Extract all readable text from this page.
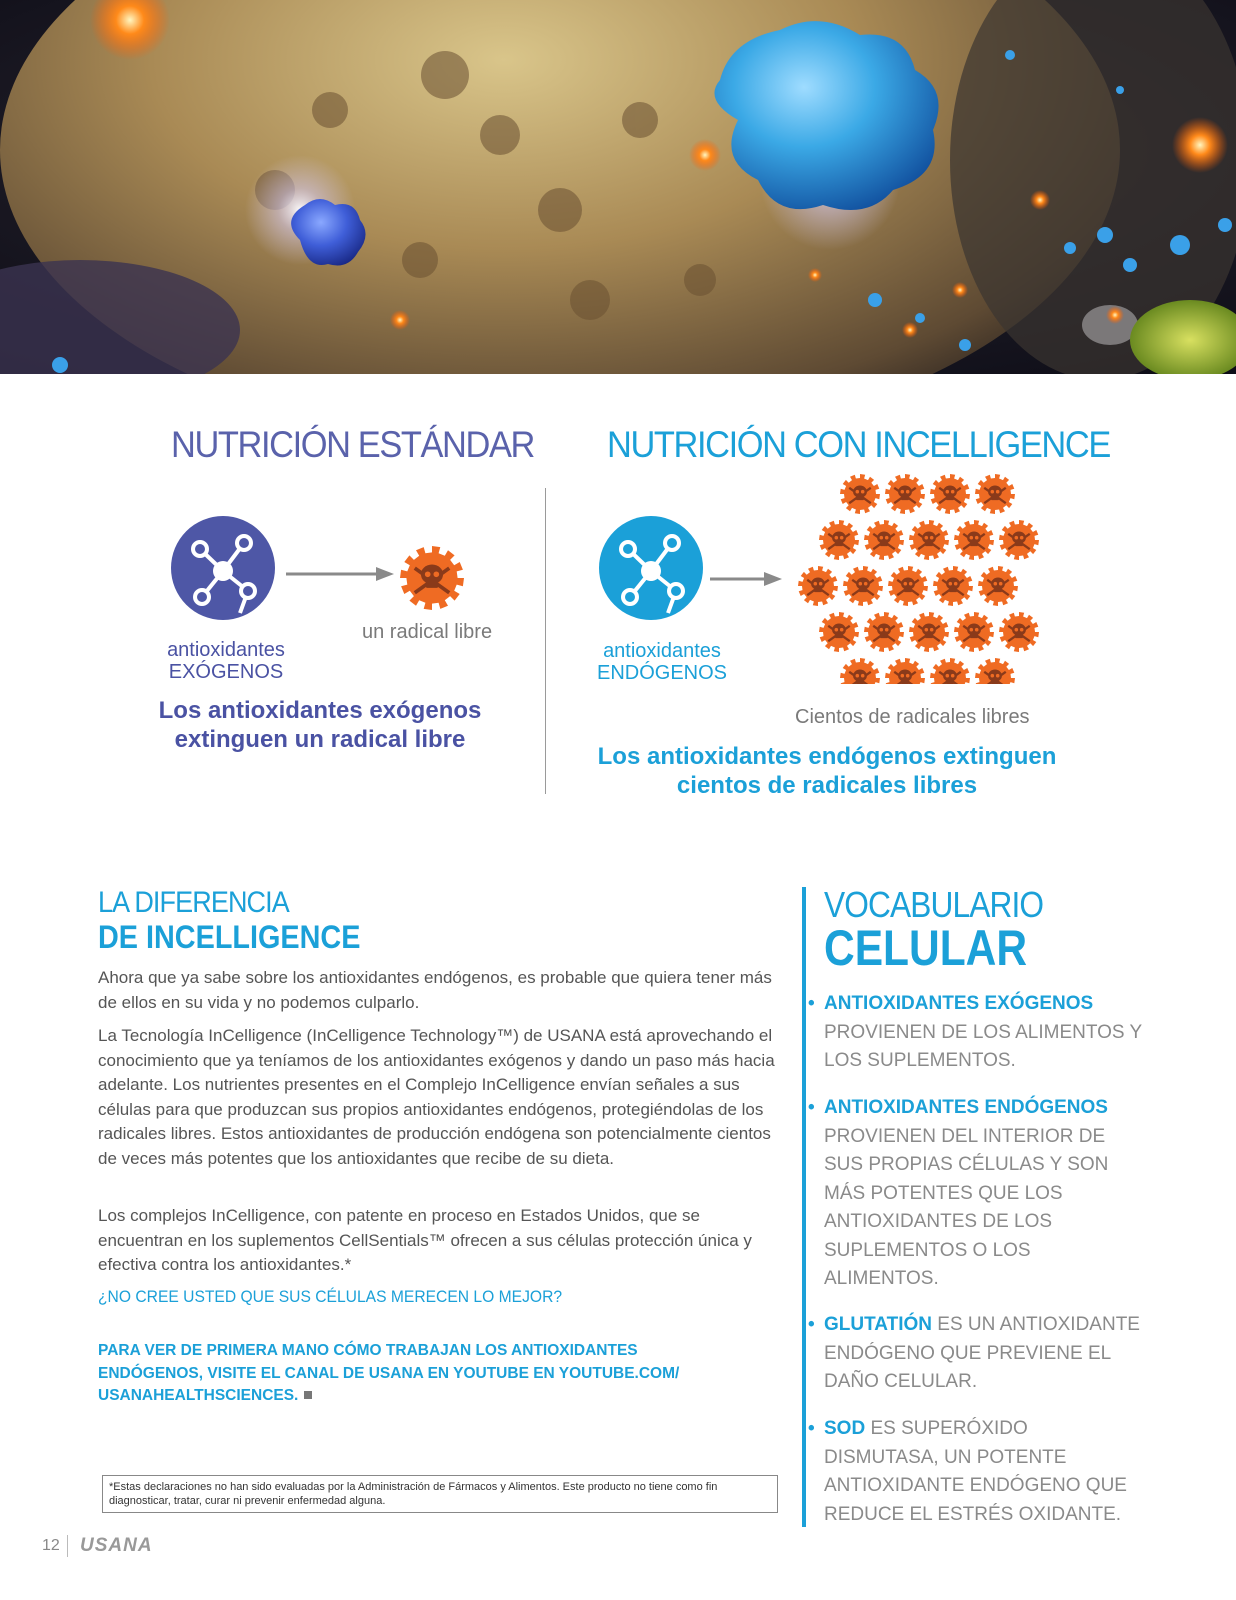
NUTRICIÓN ESTÁNDAR NUTRICIÓN CON INCELLIGENCE
un radical libre
antioxidantes
EXÓGENOS
Los antioxidantes exógenos
extinguen un radical libre
antioxidantes
ENDÓGENOS
Cientos de radicales libres
Los antioxidantes endógenos extinguen
cientos de radicales libres
LA DIFERENCIA
DE INCELLIGENCE

Ahora que ya sabe sobre los antioxidantes endógenos, es probable que quiera tener más de ellos en su vida y no podemos culparlo.

La Tecnología InCelligence (InCelligence Technology™) de USANA está aprovechando el conocimiento que ya teníamos de los antioxidantes exógenos y dando un paso más hacia adelante. Los nutrientes presentes en el Complejo InCelligence envían señales a sus células para que produzcan sus propios antioxidantes endógenos, protegiéndolas de los radicales libres. Estos antioxidantes de producción endógena son potencialmente cientos de veces más potentes que los antioxidantes que recibe de su dieta.

Los complejos InCelligence, con patente en proceso en Estados Unidos, que se encuentran en los suplementos CellSentials™ ofrecen a sus células protección única y efectiva contra los antioxidantes.*

¿NO CREE USTED QUE SUS CÉLULAS MERECEN LO MEJOR?
PARA VER DE PRIMERA MANO CÓMO TRABAJAN LOS ANTIOXIDANTES ENDÓGENOS, VISITE EL CANAL DE USANA EN YOUTUBE EN YOUTUBE.COM/ USANAHEALTHSCIENCES.
*Estas declaraciones no han sido evaluadas por la Administración de Fármacos y Alimentos. Este producto no tiene como fin diagnosticar, tratar, curar ni prevenir enfermedad alguna.
12 USANA
VOCABULARIO
CELULAR
• ANTIOXIDANTES EXÓGENOS PROVIENEN DE LOS ALIMENTOS Y LOS SUPLEMENTOS.
• ANTIOXIDANTES ENDÓGENOS PROVIENEN DEL INTERIOR DE SUS PROPIAS CÉLULAS Y SON MÁS POTENTES QUE LOS ANTIOXIDANTES DE LOS SUPLEMENTOS O LOS ALIMENTOS.
• GLUTATIÓN ES UN ANTIOXIDANTE ENDÓGENO QUE PREVIENE EL DAÑO CELULAR.
• SOD ES SUPERÓXIDO DISMUTASA, UN POTENTE ANTIOXIDANTE ENDÓGENO QUE REDUCE EL ESTRÉS OXIDANTE.
